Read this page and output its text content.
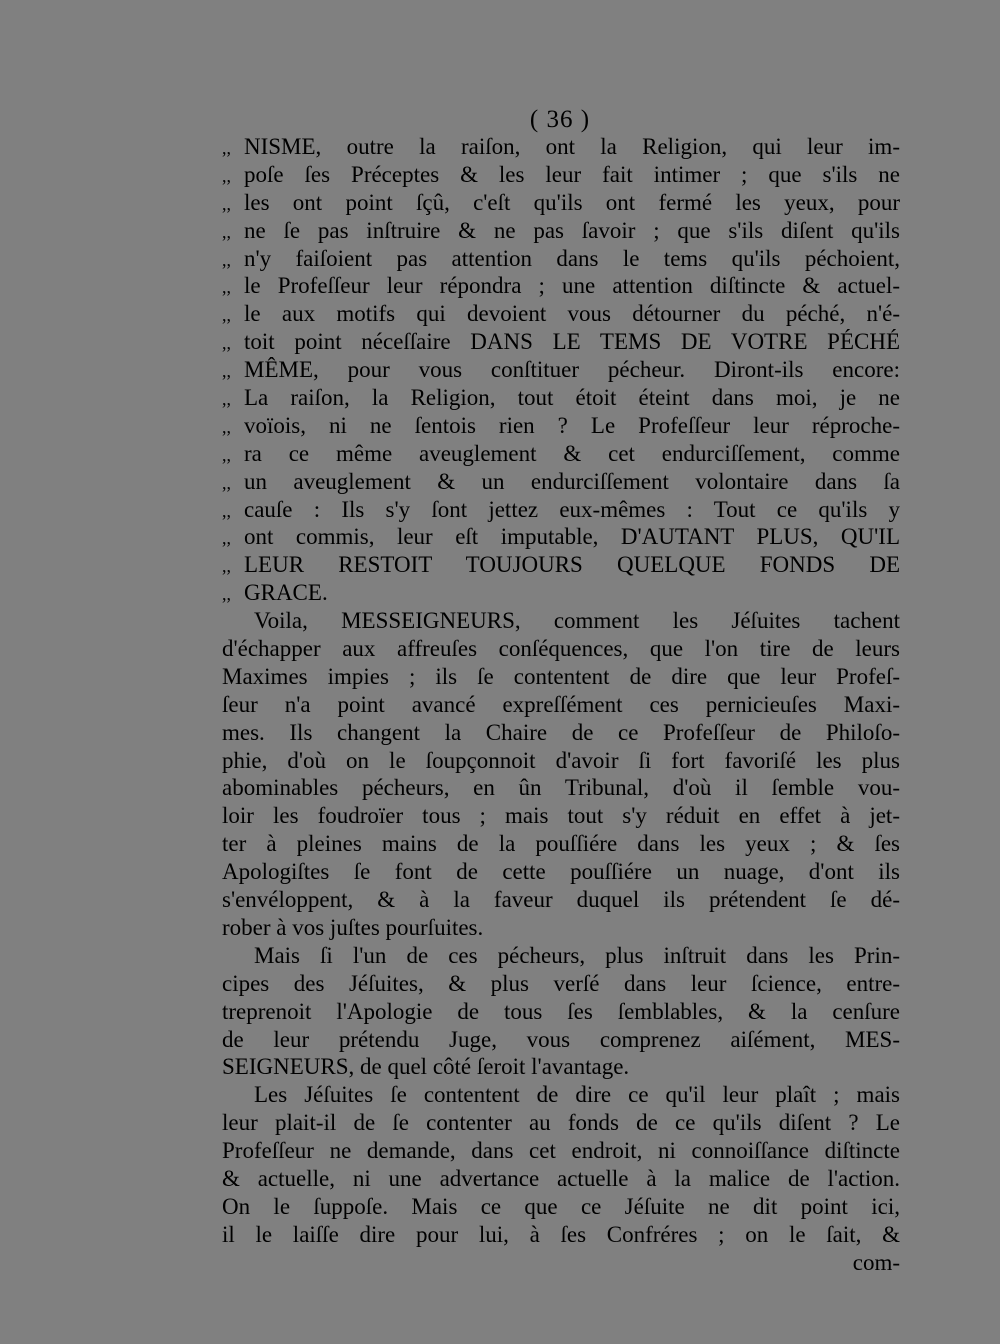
( 36 )
,, NISME, outre la raiſon, ont la Religion, qui leur im-
,, poſe ſes Préceptes & les leur fait intimer ; que s'ils ne
,, les ont point ſçû, c'eſt qu'ils ont fermé les yeux, pour
,, ne ſe pas inſtruire & ne pas ſavoir ; que s'ils diſent qu'ils
,, n'y faiſoient pas attention dans le tems qu'ils péchoient,
,, le Profeſſeur leur répondra ; une attention diſtincte & actuel-
,, le aux motifs qui devoient vous détourner du péché, n'é-
,, toit point néceſſaire DANS LE TEMS DE VOTRE PÉCHÉ
,, MÊME, pour vous conſtituer pécheur. Diront-ils encore:
,, La raiſon, la Religion, tout étoit éteint dans moi, je ne
,, voïois, ni ne ſentois rien ? Le Profeſſeur leur réproche-
,, ra ce même aveuglement & cet endurciſſement, comme
,, un aveuglement & un endurciſſement volontaire dans ſa
,, cauſe : Ils s'y ſont jettez eux-mêmes : Tout ce qu'ils y
,, ont commis, leur eſt imputable, D'AUTANT PLUS, QU'IL
,, LEUR RESTOIT TOUJOURS QUELQUE FONDS DE
,, GRACE.
Voila, MESSEIGNEURS, comment les Jéſuites tachent
d'échapper aux affreuſes conſéquences, que l'on tire de leurs
Maximes impies ; ils ſe contentent de dire que leur Profeſ-
ſeur n'a point avancé expreſſément ces pernicieuſes Maxi-
mes. Ils changent la Chaire de ce Profeſſeur de Philoſo-
phie, d'où on le ſoupçonnoit d'avoir ſi fort favoriſé les plus
abominables pécheurs, en ûn Tribunal, d'où il ſemble vou-
loir les foudroïer tous ; mais tout s'y réduit en effet à jet-
ter à pleines mains de la pouſſiére dans les yeux ; & ſes
Apologiſtes ſe font de cette pouſſiére un nuage, d'ont ils
s'envéloppent, & à la faveur duquel ils prétendent ſe dé-
rober à vos juſtes pourſuites.
Mais ſi l'un de ces pécheurs, plus inſtruit dans les Prin-
cipes des Jéſuites, & plus verſé dans leur ſcience, entre-
treprenoit l'Apologie de tous ſes ſemblables, & la cenſure
de leur prétendu Juge, vous comprenez aiſément, MES-
SEIGNEURS, de quel côté ſeroit l'avantage.
Les Jéſuites ſe contentent de dire ce qu'il leur plaît ; mais
leur plait-il de ſe contenter au fonds de ce qu'ils diſent ? Le
Profeſſeur ne demande, dans cet endroit, ni connoiſſance diſtincte
& actuelle, ni une advertance actuelle à la malice de l'action.
On le ſuppoſe. Mais ce que ce Jéſuite ne dit point ici,
il le laiſſe dire pour lui, à ſes Confréres ; on le ſait, &
com-
